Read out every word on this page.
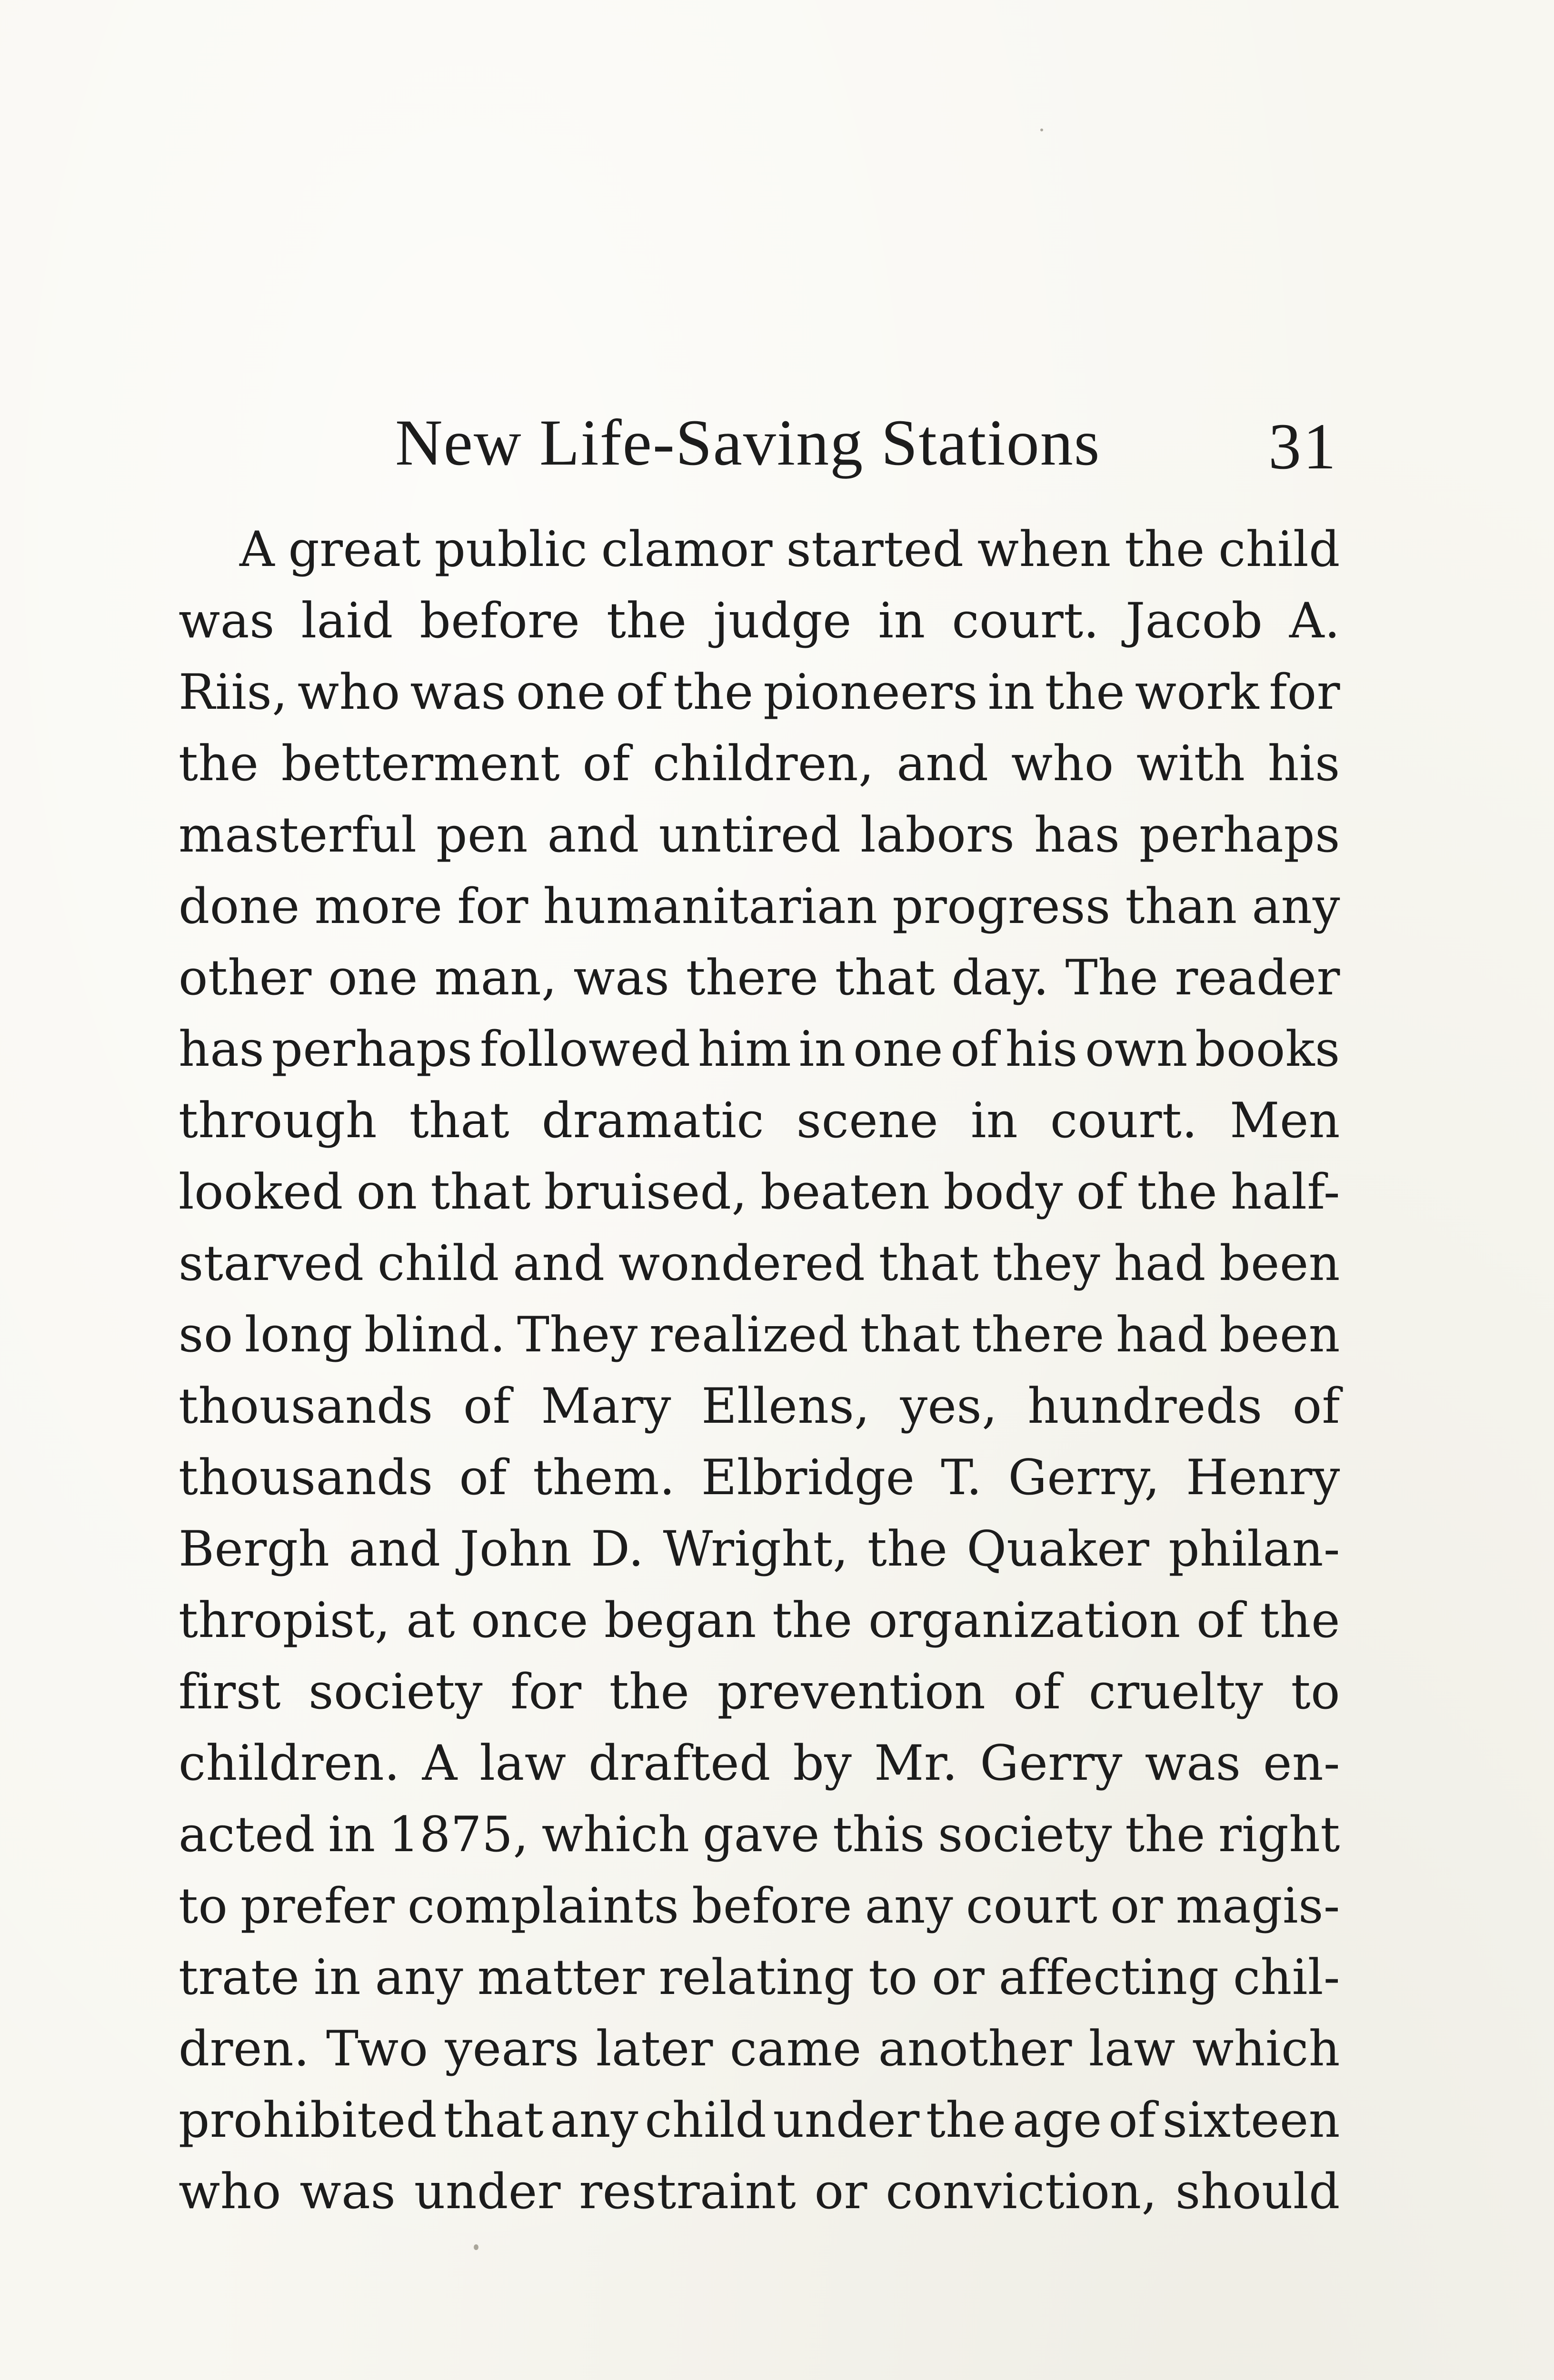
New Life-Saving Stations	31
A great public clamor started when the child
was laid before the judge in court. Jacob A.
Riis, who was one of the pioneers in the work for
the betterment of children, and who with his
masterful pen and untired labors has perhaps
done more for humanitarian progress than any
other one man, was there that day. The reader
has perhaps followed him in one of his own books
through that dramatic scene in court. Men
looked on that bruised, beaten body of the half-
starved child and wondered that they had been
so long blind. They realized that there had been
thousands of Mary Ellens, yes, hundreds of
thousands of them. Elbridge T. Gerry, Henry
Bergh and John D. Wright, the Quaker philan-
thropist, at once began the organization of the
first society for the prevention of cruelty to
children. A law drafted by Mr. Gerry was en-
acted in 1875, which gave this society the right
to prefer complaints before any court or magis-
trate in any matter relating to or affecting chil-
dren. Two years later came another law which
prohibited that any child under the age of sixteen
who was under restraint or conviction, should
